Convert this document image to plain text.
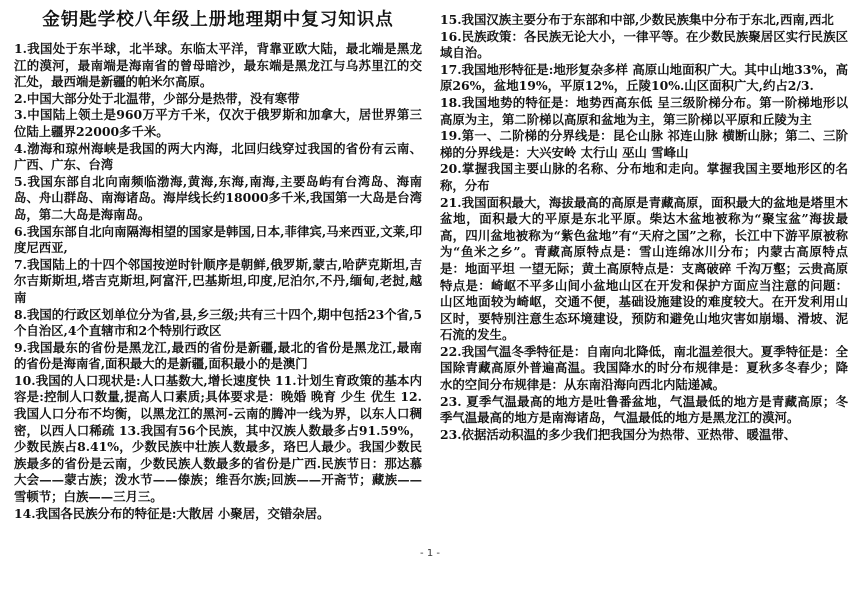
金钥匙学校八年级上册地理期中复习知识点

1.我国处于东半球，北半球。东临太平洋，背靠亚欧大陆，最北端是黑龙江的漠河，最南端是海南省的曾母暗沙，最东端是黑龙江与乌苏里江的交汇处，最西端是新疆的帕米尔高原。

2.中国大部分处于北温带，少部分是热带，没有寒带

3.中国陆上领土是960万平方千米，仅次于俄罗斯和加拿大，居世界第三位陆上疆界22000多千米。

4.渤海和琼州海峡是我国的两大内海，北回归线穿过我国的省份有云南、广西、广东、台湾

5.我国东部自北向南频临渤海,黄海,东海,南海,主要岛屿有台湾岛、海南岛、舟山群岛、南海诸岛。海岸线长约18000多千米,我国第一大岛是台湾岛，第二大岛是海南岛。

6.我国东部自北向南隔海相望的国家是韩国,日本,菲律宾,马来西亚,文莱,印度尼西亚,

7.我国陆上的十四个邻国按逆时针顺序是朝鲜,俄罗斯,蒙古,哈萨克斯坦,吉尔吉斯斯坦,塔吉克斯坦,阿富汗,巴基斯坦,印度,尼泊尔,不丹,缅甸,老挝,越南

8.我国的行政区划单位分为省,县,乡三级;共有三十四个,期中包括23个省,5个自治区,4个直辖市和2个特别行政区

9.我国最东的省份是黑龙江,最西的省份是新疆,最北的省份是黑龙江,最南的省份是海南省,面积最大的是新疆,面积最小的是澳门

10.我国的人口现状是:人口基数大,增长速度快 11.计划生育政策的基本内容是:控制人口数量,提高人口素质;具体要求是：晚婚 晚育 少生 优生 12.我国人口分布不均衡，以黑龙江的黑河-云南的腾冲一线为界，以东人口稠密，以西人口稀疏 13.我国有56个民族，其中汉族人数最多占91.59%，少数民族占8.41%，少数民族中壮族人数最多，珞巴人最少。我国少数民族最多的省份是云南，少数民族人数最多的省份是广西.民族节日：那达慕大会——蒙古族；泼水节——傣族；维吾尔族;回族——开斋节；藏族——雪顿节；白族——三月三。

14.我国各民族分布的特征是:大散居 小聚居，交错杂居。

15.我国汉族主要分布于东部和中部,少数民族集中分布于东北,西南,西北

16.民族政策：各民族无论大小，一律平等。在少数民族聚居区实行民族区域自治。

17.我国地形特征是:地形复杂多样 高原山地面积广大。其中山地33%，高原26%，盆地19%，平原12%，丘陵10%.山区面积广大,约占2/3.

18.我国地势的特征是：地势西高东低 呈三级阶梯分布。第一阶梯地形以高原为主，第二阶梯以高原和盆地为主，第三阶梯以平原和丘陵为主

19.第一、二阶梯的分界线是：昆仑山脉 祁连山脉 横断山脉；第二、三阶梯的分界线是：大兴安岭 太行山 巫山 雪峰山

20.掌握我国主要山脉的名称、分布地和走向。掌握我国主要地形区的名称，分布

21.我国面积最大，海拔最高的高原是青藏高原，面积最大的盆地是塔里木盆地，面积最大的平原是东北平原。柴达木盆地被称为“聚宝盆”海拔最高，四川盆地被称为“紫色盆地”有“天府之国”之称，长江中下游平原被称为“鱼米之乡”。青藏高原特点是：雪山连绵冰川分布；内蒙古高原特点是：地面平坦 一望无际；黄土高原特点是：支离破碎 千沟万壑；云贵高原特点是：崎岖不平多山间小盆地山区在开发和保护方面应当注意的问题：山区地面较为崎岖，交通不便，基础设施建设的难度较大。在开发利用山区时，要特别注意生态环境建设，预防和避免山地灾害如崩塌、滑坡、泥石流的发生。

22.我国气温冬季特征是：自南向北降低，南北温差很大。夏季特征是：全国除青藏高原外普遍高温。我国降水的时分布规律是：夏秋多冬春少；降水的空间分布规律是：从东南沿海向西北内陆递减。

23. 夏季气温最高的地方是吐鲁番盆地，气温最低的地方是青藏高原；冬季气温最高的地方是南海诸岛，气温最低的地方是黑龙江的漠河。

23.依据活动积温的多少我们把我国分为热带、亚热带、暖温带、

- 1 -
